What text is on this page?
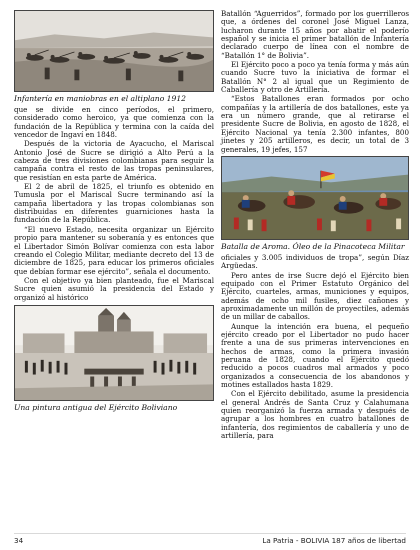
Infantería en maniobras en el altiplano 1912

que se divide en cinco períodos, el primero, considerado como heroico, ya que comienza con la fundación de la República y termina con la caída del vencedor de Ingaví en 1848.

Después de la victoria de Ayacucho, el Mariscal Antonio José de Sucre se dirigió a Alto Perú a la cabeza de tres divisiones colombianas para seguir la campaña contra el resto de las tropas peninsulares, que resistían en esta parte de América.

El 2 de abril de 1825, el triunfo es obtenido en Tumusla por el Mariscal Sucre terminando así la campaña libertadora y las tropas colombianas son distribuidas en diferentes guarniciones hasta la fundación de la República.

“El nuevo Estado, necesita organizar un Ejército propio para mantener su soberanía y es entonces que el Libertador Simón Bolívar comienza con esta labor creando el Colegio Militar, mediante decreto del 13 de diciembre de 1825, para educar los primeros oficiales que debían formar ese ejército”, señala el documento.

Con el objetivo ya bien planteado, fue el Mariscal Sucre quien asumió la presidencia del Estado y organizó al histórico

Una pintura antigua del Ejército Boliviano

Batallón “Aguerridos”, formado por los guerrilleros que, a órdenes del coronel José Miguel Lanza, lucharon durante 15 años por abatir el poderío español y se inicia el primer batallón de Infantería declarado cuerpo de línea con el nombre de “Batallón 1° de Bolivia”.

El Ejército poco a poco ya tenía forma y más aún cuando Sucre tuvo la iniciativa de formar el Batallón N° 2 al igual que un Regimiento de Caballería y otro de Artillería.

“Estos Batallones eran formados por ocho compañías y la artillería de dos batallones, este ya era un número grande, que al retirarse el presidente Sucre de Bolivia, en agosto de 1828, el Ejército Nacional ya tenía 2.300 infantes, 800 jinetes y 205 artilleros, es decir, un total de 3 generales, 19 jefes, 157

Batalla de Aroma. Óleo de la Pinacoteca Militar

oficiales y 3.005 individuos de tropa”, según Díaz Argüedas.

Pero antes de irse Sucre dejó el Ejército bien equipado con el Primer Estatuto Orgánico del Ejército, cuarteles, armas, municiones y equipos, además de ocho mil fusiles, diez cañones y aproximadamente un millón de proyectiles, además de un millar de caballos.

Aunque la intención era buena, el pequeño ejército creado por el Libertador no pudo hacer frente a una de sus primeras intervenciones en hechos de armas, como la primera invasión peruana de 1828, cuando el Ejército quedó reducido a pocos cuadros mal armados y poco organizados a consecuencia de los abandonos y motines estallados hasta 1829.

Con el Ejército debilitado, asume la presidencia el general Andrés de Santa Cruz y Calahumana quien reorganizó la fuerza armada y después de agrupar a los hombres en cuatro batallones de infantería, dos regimientos de caballería y uno de artillería, para

34	La Patria - BOLIVIA 187 años de libertad
